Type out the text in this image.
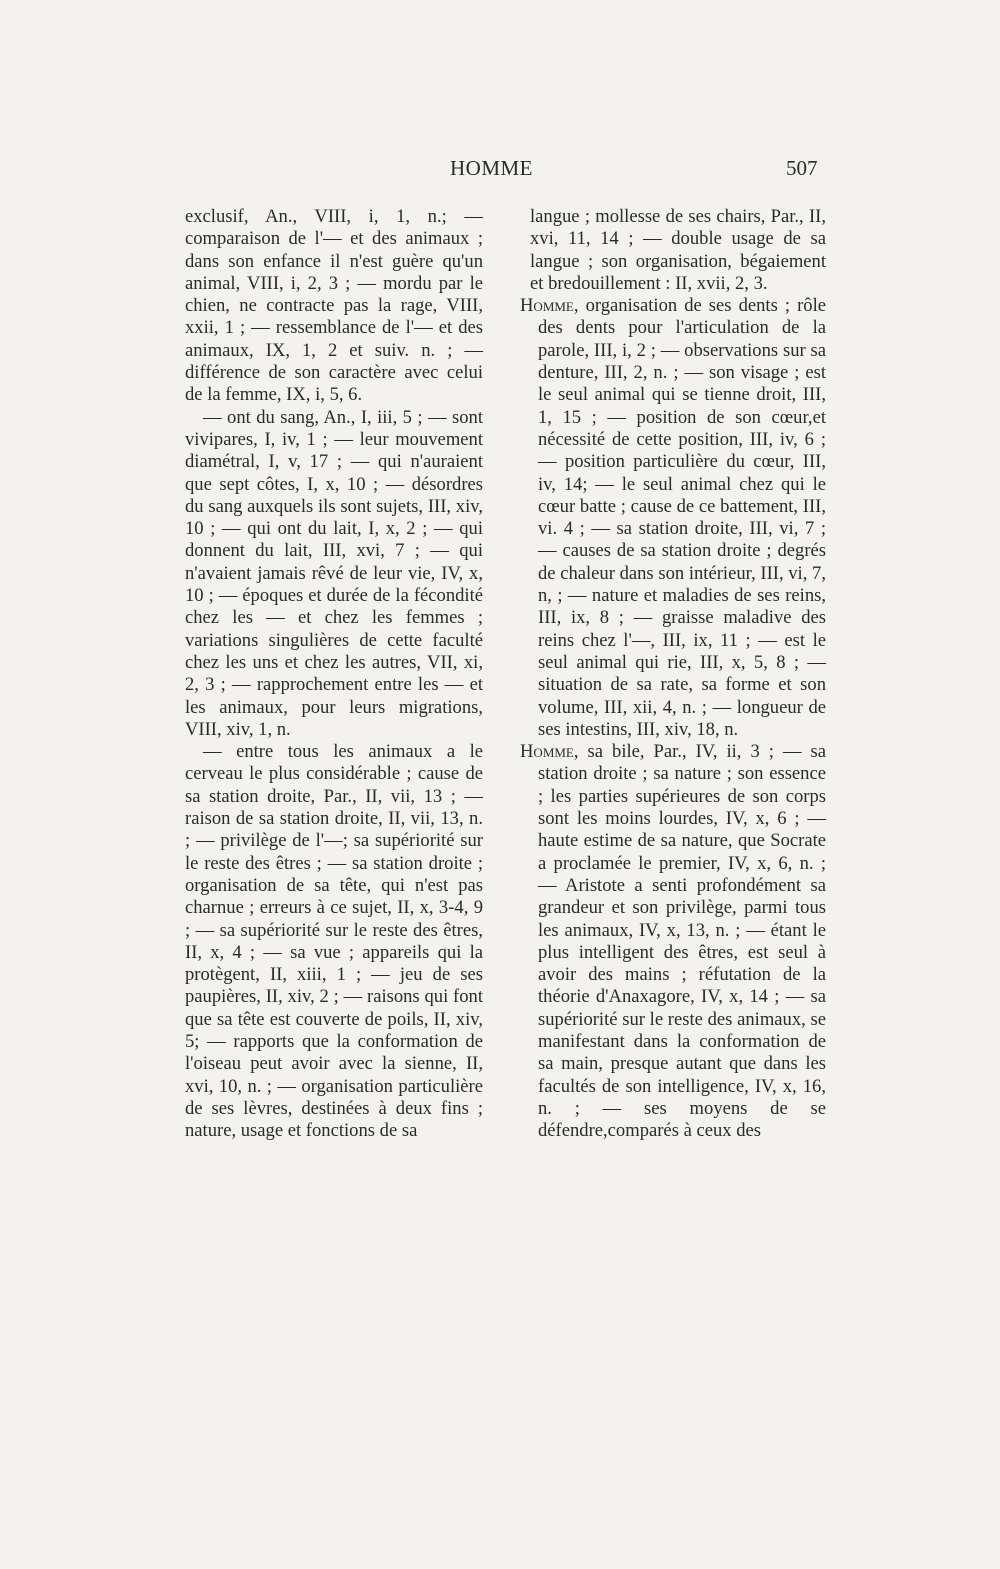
HOMME	507

exclusif, An., VIII, i, 1, n.; — comparaison de l'— et des animaux ; dans son enfance il n'est guère qu'un animal, VIII, i, 2, 3 ; — mordu par le chien, ne contracte pas la rage, VIII, xxii, 1 ; — ressemblance de l'— et des animaux, IX, 1, 2 et suiv. n. ; — différence de son caractère avec celui de la femme, IX, i, 5, 6.

— ont du sang, An., I, iii, 5 ; — sont vivipares, I, iv, 1 ; — leur mouvement diamétral, I, v, 17 ; — qui n'auraient que sept côtes, I, x, 10 ; — désordres du sang auxquels ils sont sujets, III, xiv, 10 ; — qui ont du lait, I, x, 2 ; — qui donnent du lait, III, xvi, 7 ; — qui n'avaient jamais rêvé de leur vie, IV, x, 10 ; — époques et durée de la fécondité chez les — et chez les femmes ; variations singulières de cette faculté chez les uns et chez les autres, VII, xi, 2, 3 ; — rapprochement entre les — et les animaux, pour leurs migrations, VIII, xiv, 1, n.

— entre tous les animaux a le cerveau le plus considérable ; cause de sa station droite, Par., II, vii, 13 ; — raison de sa station droite, II, vii, 13, n. ; — privilège de l'—; sa supériorité sur le reste des êtres ; — sa station droite ; organisation de sa tête, qui n'est pas charnue ; erreurs à ce sujet, II, x, 3-4, 9 ; — sa supériorité sur le reste des êtres, II, x, 4 ; — sa vue ; appareils qui la protègent, II, xiii, 1 ; — jeu de ses paupières, II, xiv, 2 ; — raisons qui font que sa tête est couverte de poils, II, xiv, 5; — rapports que la conformation de l'oiseau peut avoir avec la sienne, II, xvi, 10, n. ; — organisation particulière de ses lèvres, destinées à deux fins ; nature, usage et fonctions de sa

langue ; mollesse de ses chairs, Par., II, xvi, 11, 14 ; — double usage de sa langue ; son organisation, bégaiement et bredouillement : II, xvii, 2, 3.

Homme, organisation de ses dents ; rôle des dents pour l'articulation de la parole, III, i, 2 ; — observations sur sa denture, III, 2, n. ; — son visage ; est le seul animal qui se tienne droit, III, 1, 15 ; — position de son cœur,et nécessité de cette position, III, iv, 6 ; — position particulière du cœur, III, iv, 14; — le seul animal chez qui le cœur batte ; cause de ce battement, III, vi. 4 ; — sa station droite, III, vi, 7 ; — causes de sa station droite ; degrés de chaleur dans son intérieur, III, vi, 7, n, ; — nature et maladies de ses reins, III, ix, 8 ; — graisse maladive des reins chez l'—, III, ix, 11 ; — est le seul animal qui rie, III, x, 5, 8 ; — situation de sa rate, sa forme et son volume, III, xii, 4, n. ; — longueur de ses intestins, III, xiv, 18, n.

Homme, sa bile, Par., IV, ii, 3 ; — sa station droite ; sa nature ; son essence ; les parties supérieures de son corps sont les moins lourdes, IV, x, 6 ; — haute estime de sa nature, que Socrate a proclamée le premier, IV, x, 6, n. ; — Aristote a senti profondément sa grandeur et son privilège, parmi tous les animaux, IV, x, 13, n. ; — étant le plus intelligent des êtres, est seul à avoir des mains ; réfutation de la théorie d'Anaxagore, IV, x, 14 ; — sa supériorité sur le reste des animaux, se manifestant dans la conformation de sa main, presque autant que dans les facultés de son intelligence, IV, x, 16, n. ; — ses moyens de se défendre,comparés à ceux des
